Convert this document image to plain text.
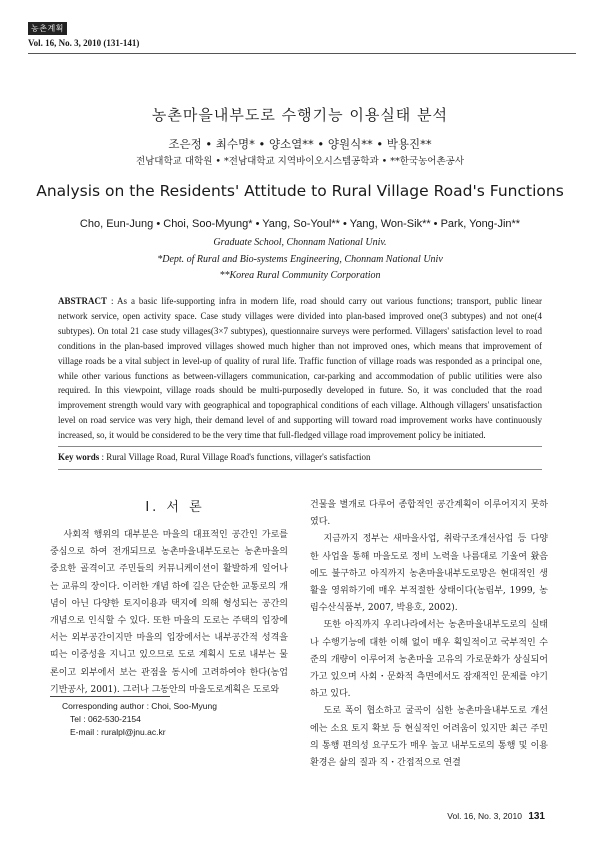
농촌계획
Vol. 16, No. 3, 2010 (131-141)
농촌마을내부도로 수행기능 이용실태 분석
조은정 • 최수명* • 양소열** • 양원식** • 박용진**
전남대학교 대학원 • *전남대학교 지역바이오시스템공학과 • **한국농어촌공사
Analysis on the Residents' Attitude to Rural Village Road's Functions
Cho, Eun-Jung • Choi, Soo-Myung* • Yang, So-Youl** • Yang, Won-Sik** • Park, Yong-Jin**
Graduate School, Chonnam National Univ.
*Dept. of Rural and Bio-systems Engineering, Chonnam National Univ
**Korea Rural Community Corporation
ABSTRACT : As a basic life-supporting infra in modern life, road should carry out various functions; transport, public linear network service, open activity space. Case study villages were divided into plan-based improved one(3 subtypes) and not one(4 subtypes). On total 21 case study villages(3×7 subtypes), questionnaire surveys were performed. Villagers' satisfaction level to road conditions in the plan-based improved villages showed much higher than not improved ones, which means that improvement of village roads be a vital subject in level-up of quality of rural life. Traffic function of village roads was responded as a principal one, while other various functions as between-villagers communication, car-parking and accommodation of public utilities were also required. In this viewpoint, village roads should be multi-purposedly developed in future. So, it was concluded that the road improvement strength would vary with geographical and topographical conditions of each village. Although villagers' unsatisfaction level on road service was very high, their demand level of and supporting will toward road improvement works have continuously increased, so, it would be considered to be the very time that full-fledged village road improvement policy be initiated.
Key words : Rural Village Road, Rural Village Road's functions, villager's satisfaction
Ⅰ. 서 론

사회적 행위의 대부분은 마을의 대표적인 공간인 가로를 중심으로 하여 전개되므로 농촌마을내부도로는 농촌마을의 중요한 골격이고 주민들의 커뮤니케이션이 활발하게 일어나는 교류의 장이다. 이러한 개념 하에 길은 단순한 교통로의 개념이 아닌 다양한 토지이용과 택지에 의해 형성되는 공간의 개념으로 인식할 수 있다. 또한 마을의 도로는 주택의 입장에서는 외부공간이지만 마을의 입장에서는 내부공간적 성격을 띠는 이중성을 지니고 있으므로 도로 계획시 도로 내부는 물론이고 외부에서 보는 관점을 동시에 고려하여야 한다(농업기반공사, 2001). 그러나 그동안의 마을도로계획은 도로와

건물을 별개로 다루어 종합적인 공간계획이 이루어지지 못하였다.

지금까지 정부는 새마을사업, 취락구조개선사업 등 다양한 사업을 통해 마을도로 정비 노력을 나름대로 기울여 왔음에도 불구하고 아직까지 농촌마을내부도로망은 현대적인 생활을 영위하기에 매우 부적절한 상태이다(농림부, 1999, 농림수산식품부, 2007, 박용호, 2002).

또한 아직까지 우리나라에서는 농촌마을내부도로의 실태나 수행기능에 대한 이해 없이 매우 획일적이고 국부적인 수준의 개량이 이루어져 농촌마을 고유의 가로문화가 상실되어가고 있으며 사회・문화적 측면에서도 잠재적인 문제를 야기하고 있다.

도로 폭이 협소하고 굴곡이 심한 농촌마을내부도로 개선에는 소요 토지 확보 등 현실적인 어려움이 있지만 최근 주민의 통행 편의성 요구도가 매우 높고 내부도로의 통행 및 이용환경은 삶의 질과 직・간접적으로 연결

Corresponding author : Choi, Soo-Myung
Tel : 062-530-2154
E-mail : ruralpl@jnu.ac.kr
Vol. 16, No. 3, 2010 131
